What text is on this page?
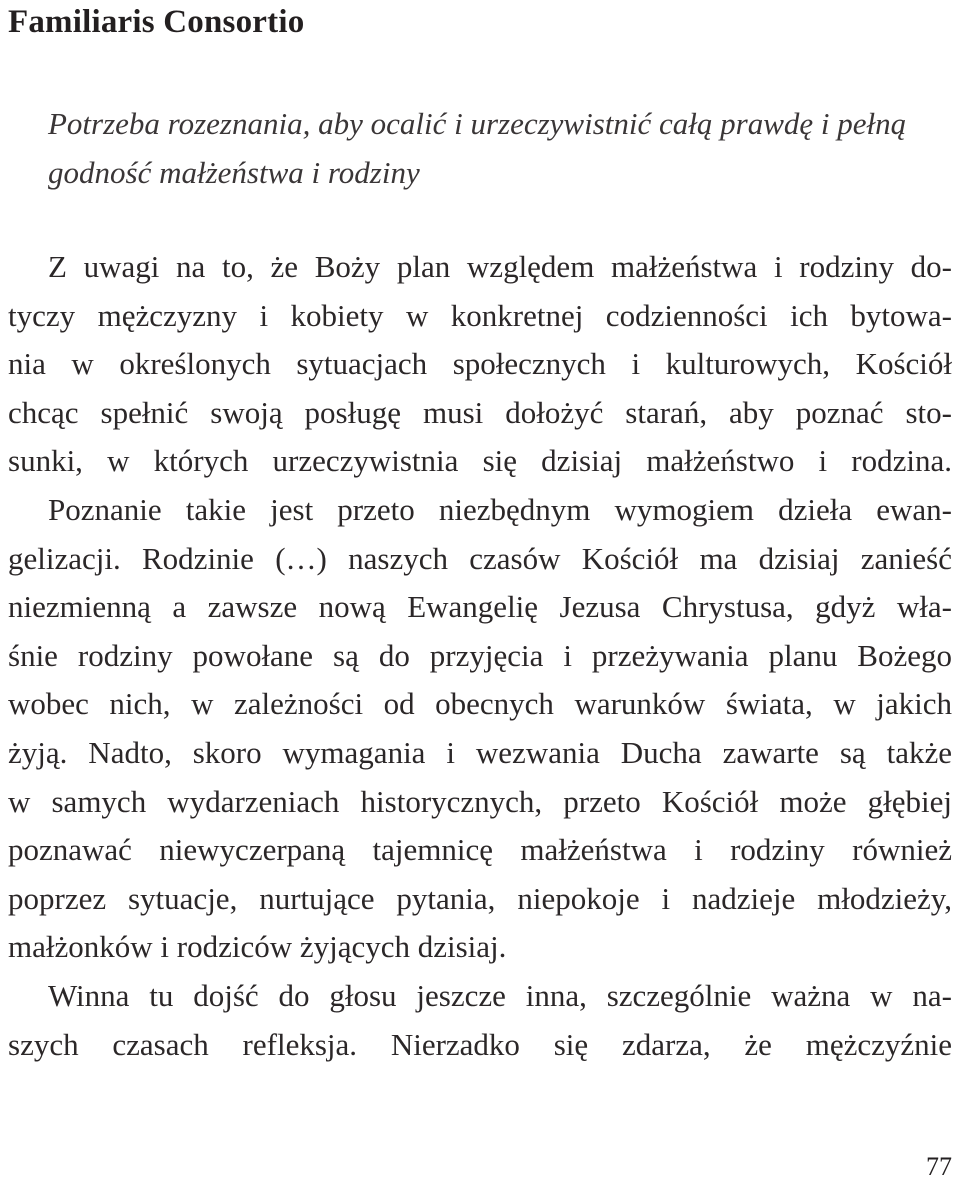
Familiaris Consortio
Potrzeba rozeznania, aby ocalić i urzeczywistnić całą prawdę i pełną
godność małżeństwa i rodziny
Z uwagi na to, że Boży plan względem małżeństwa i rodziny do-
tyczy mężczyzny i kobiety w konkretnej codzienności ich bytowa-
nia w określonych sytuacjach społecznych i kulturowych, Kościół
chcąc spełnić swoją posługę musi dołożyć starań, aby poznać sto-
sunki, w których urzeczywistnia się dzisiaj małżeństwo i rodzina.
Poznanie takie jest przeto niezbędnym wymogiem dzieła ewan-
gelizacji. Rodzinie (…) naszych czasów Kościół ma dzisiaj zanieść
niezmienną a zawsze nową Ewangelię Jezusa Chrystusa, gdyż wła-
śnie rodziny powołane są do przyjęcia i przeżywania planu Bożego
wobec nich, w zależności od obecnych warunków świata, w jakich
żyją. Nadto, skoro wymagania i wezwania Ducha zawarte są także
w samych wydarzeniach historycznych, przeto Kościół może głębiej
poznawać niewyczerpaną tajemnicę małżeństwa i rodziny również
poprzez sytuacje, nurtujące pytania, niepokoje i nadzieje młodzieży,
małżonków i rodziców żyjących dzisiaj.
Winna tu dojść do głosu jeszcze inna, szczególnie ważna w na-
szych czasach refleksja. Nierzadko się zdarza, że mężczyźnie
77
